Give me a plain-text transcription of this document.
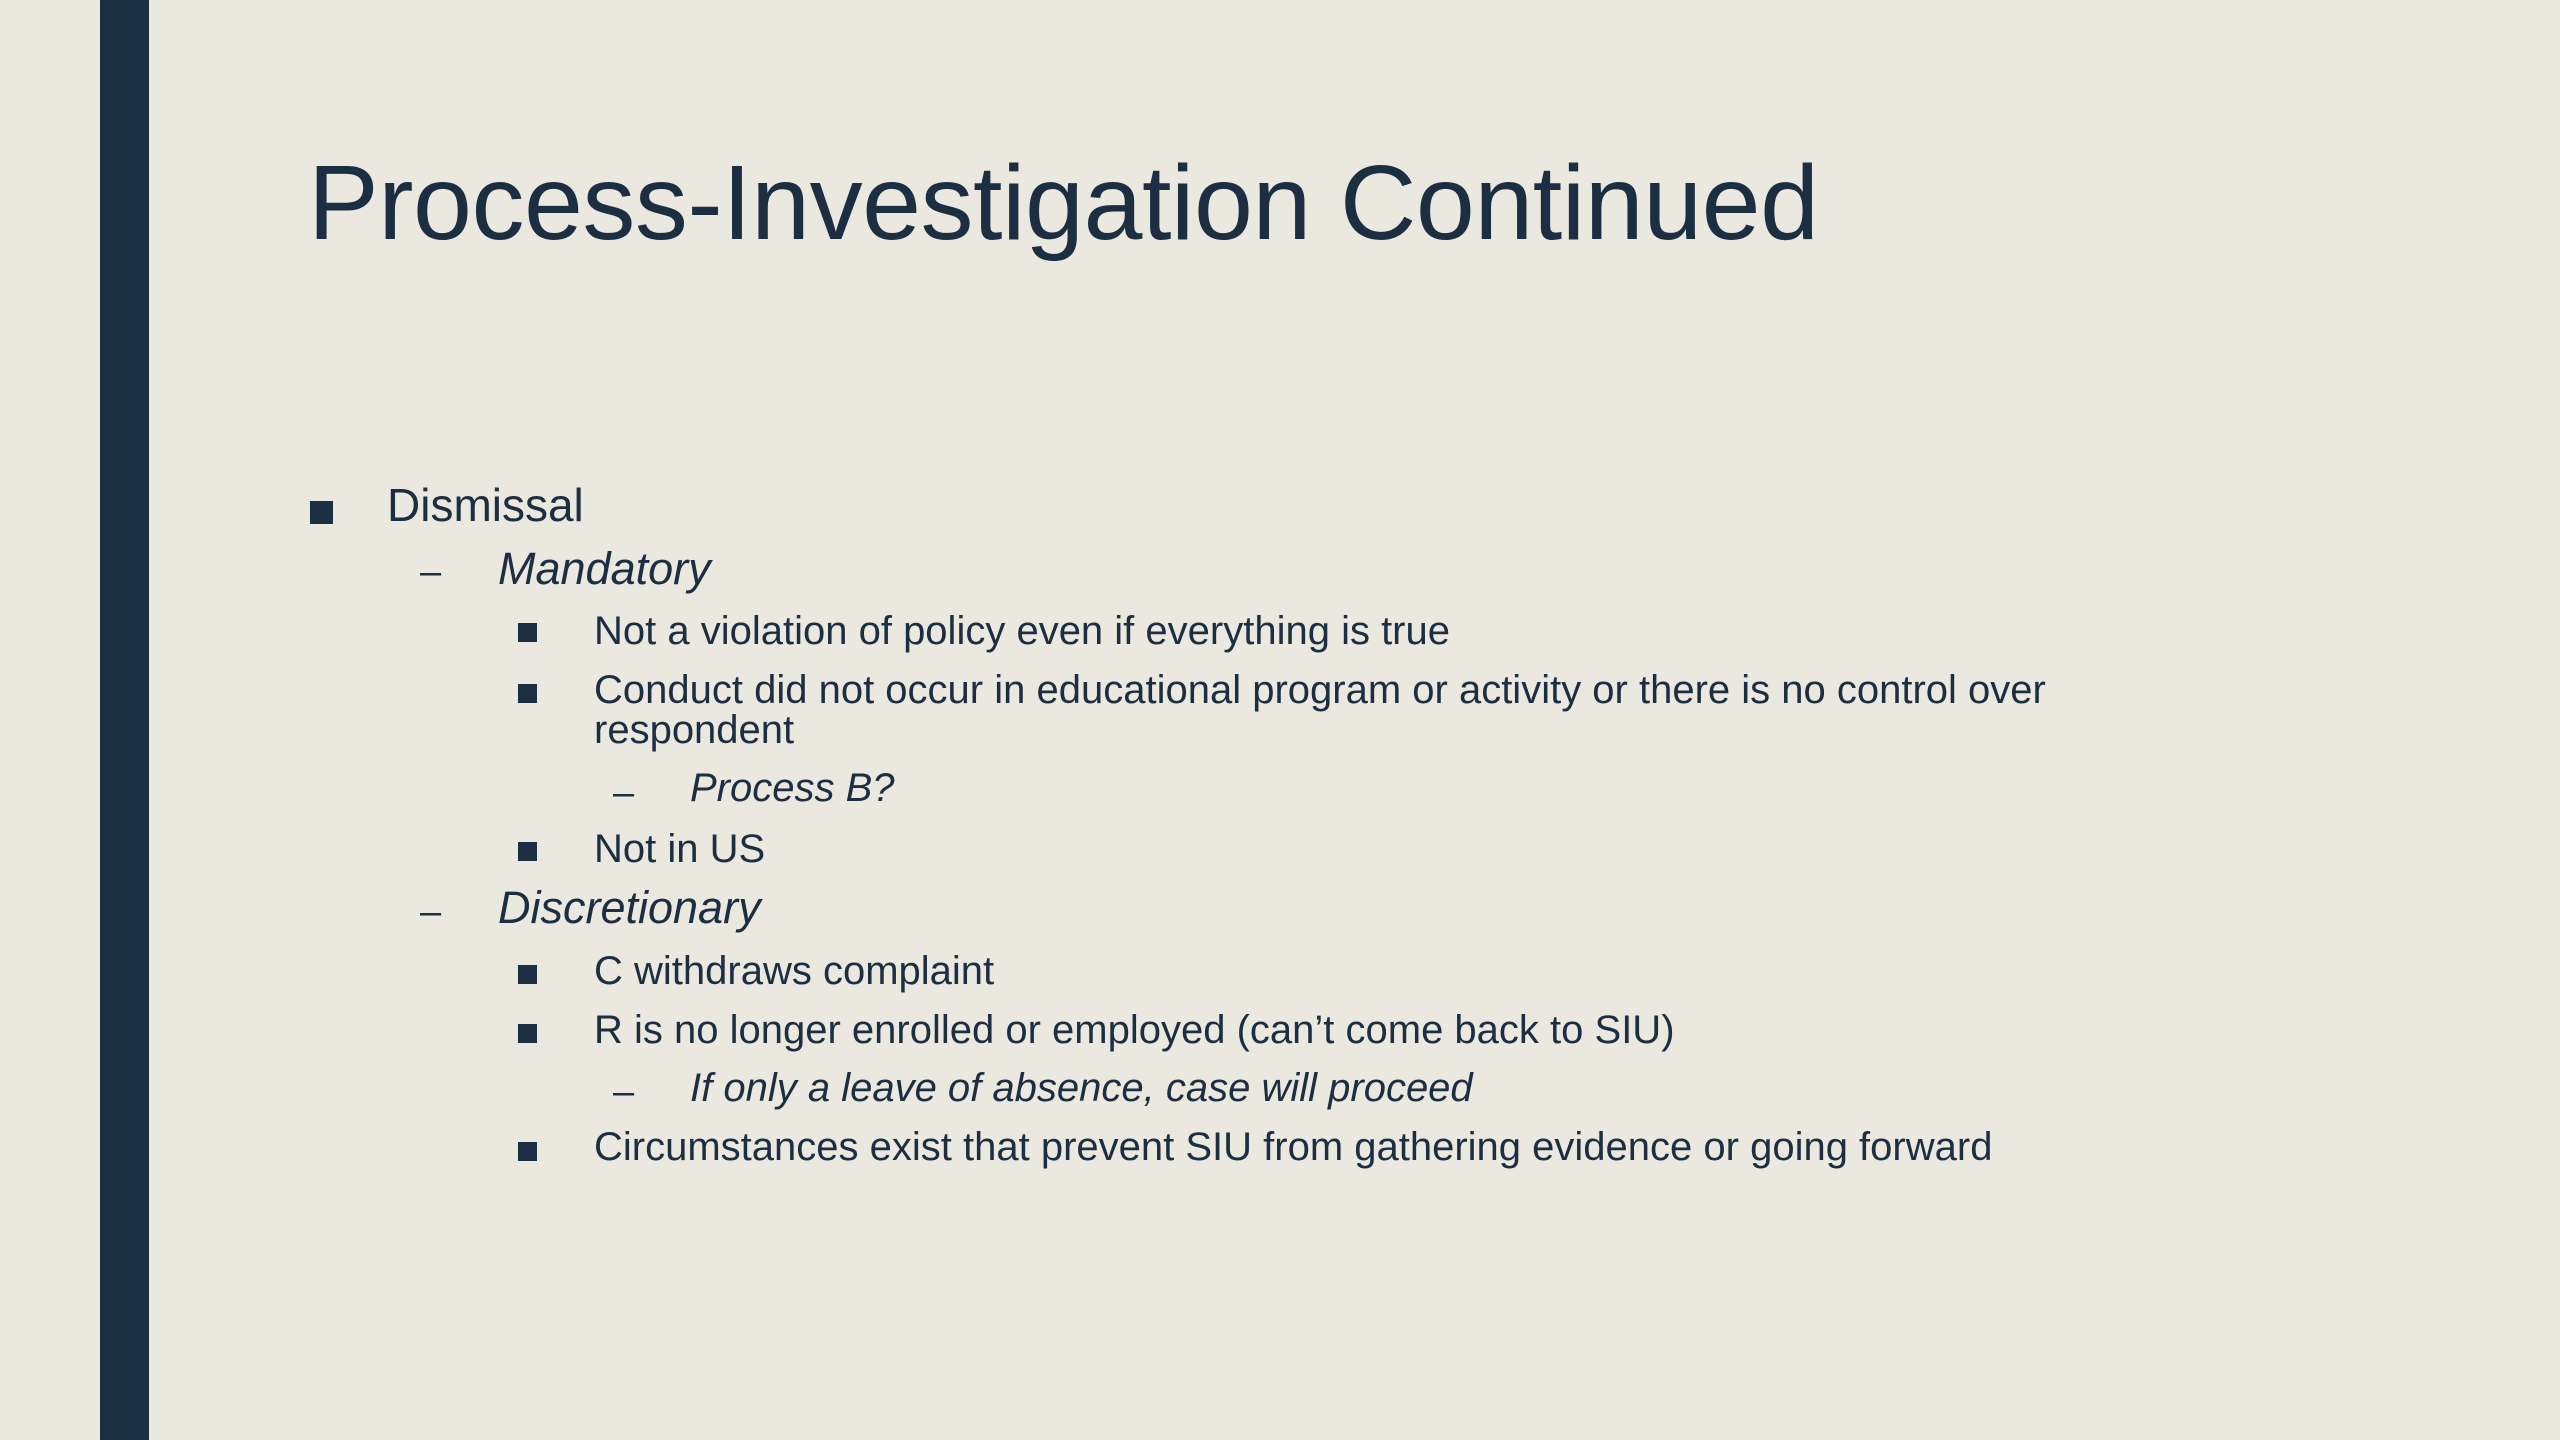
Process-Investigation Continued
Dismissal
– Mandatory
Not a violation of policy even if everything is true
Conduct did not occur in educational program or activity or there is no control over
respondent
– Process B?
Not in US
– Discretionary
C withdraws complaint
R is no longer enrolled or employed (can’t come back to SIU)
– If only a leave of absence, case will proceed
Circumstances exist that prevent SIU from gathering evidence or going forward
